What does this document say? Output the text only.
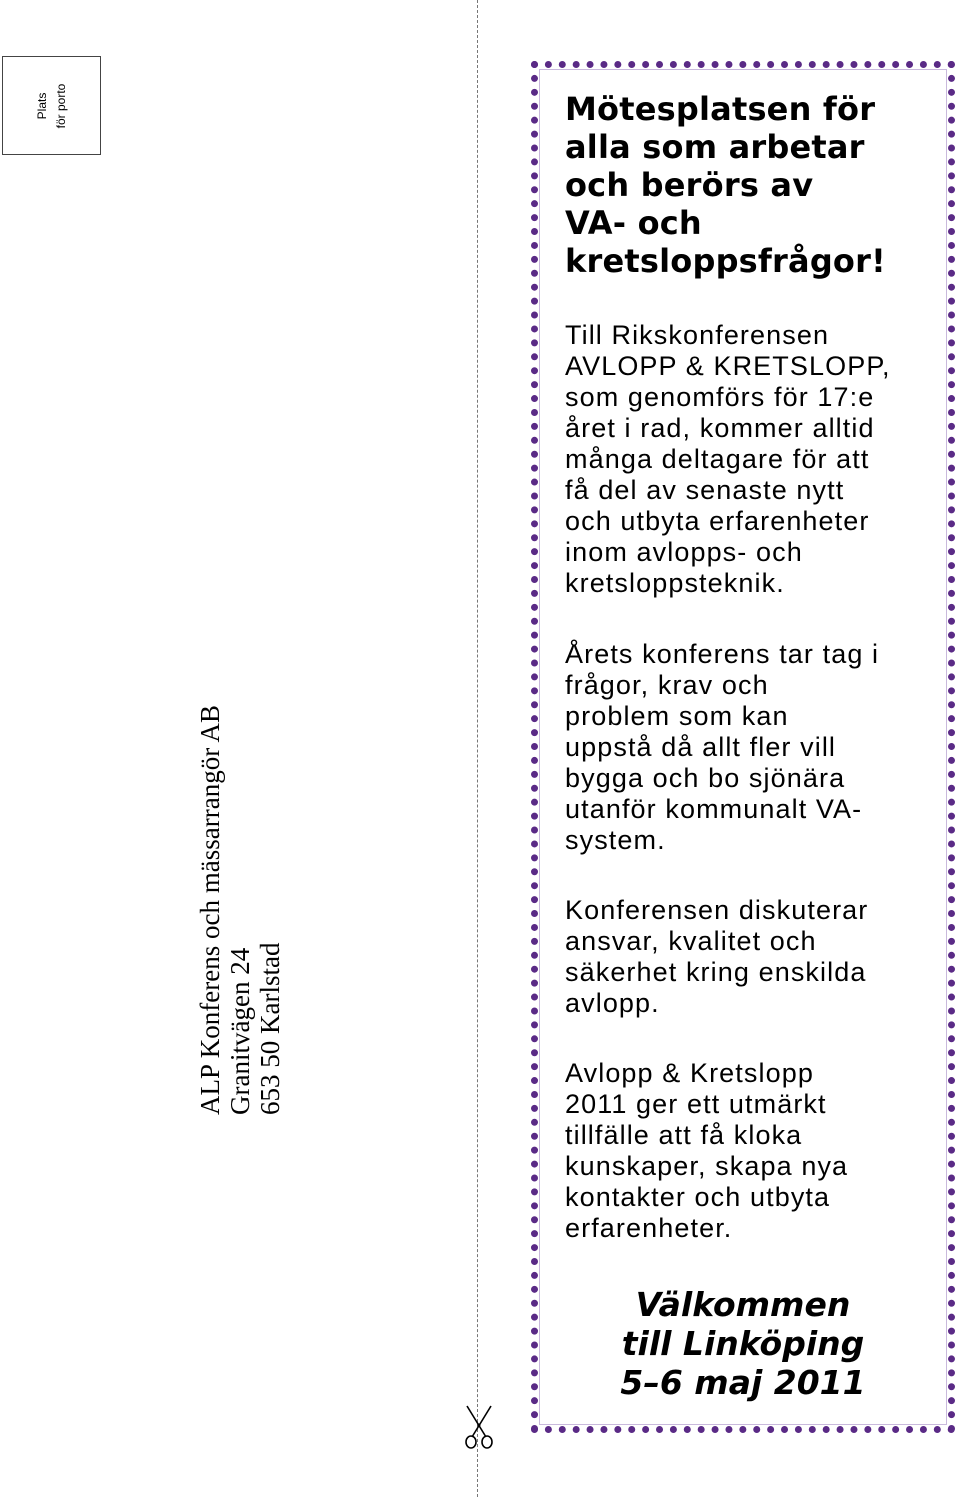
Plats för porto
ALP Konferens och mässarrangör AB Granitvägen 24 653 50 Karlstad
Mötesplatsen för
alla som arbetar
och berörs av
VA- och
kretsloppsfrågor!
Till Rikskonferensen
AVLOPP & KRETSLOPP,
som genomförs för 17:e
året i rad, kommer alltid
många deltagare för att
få del av senaste nytt
och utbyta erfarenheter
inom avlopps- och
kretsloppsteknik.
Årets konferens tar tag i
frågor, krav och
problem som kan
uppstå då allt fler vill
bygga och bo sjönära
utanför kommunalt VA-
system.
Konferensen diskuterar
ansvar, kvalitet och
säkerhet kring enskilda
avlopp.
Avlopp & Kretslopp
2011 ger ett utmärkt
tillfälle att få kloka
kunskaper, skapa nya
kontakter och utbyta
erfarenheter.
Välkommen
till Linköping
5–6 maj 2011
